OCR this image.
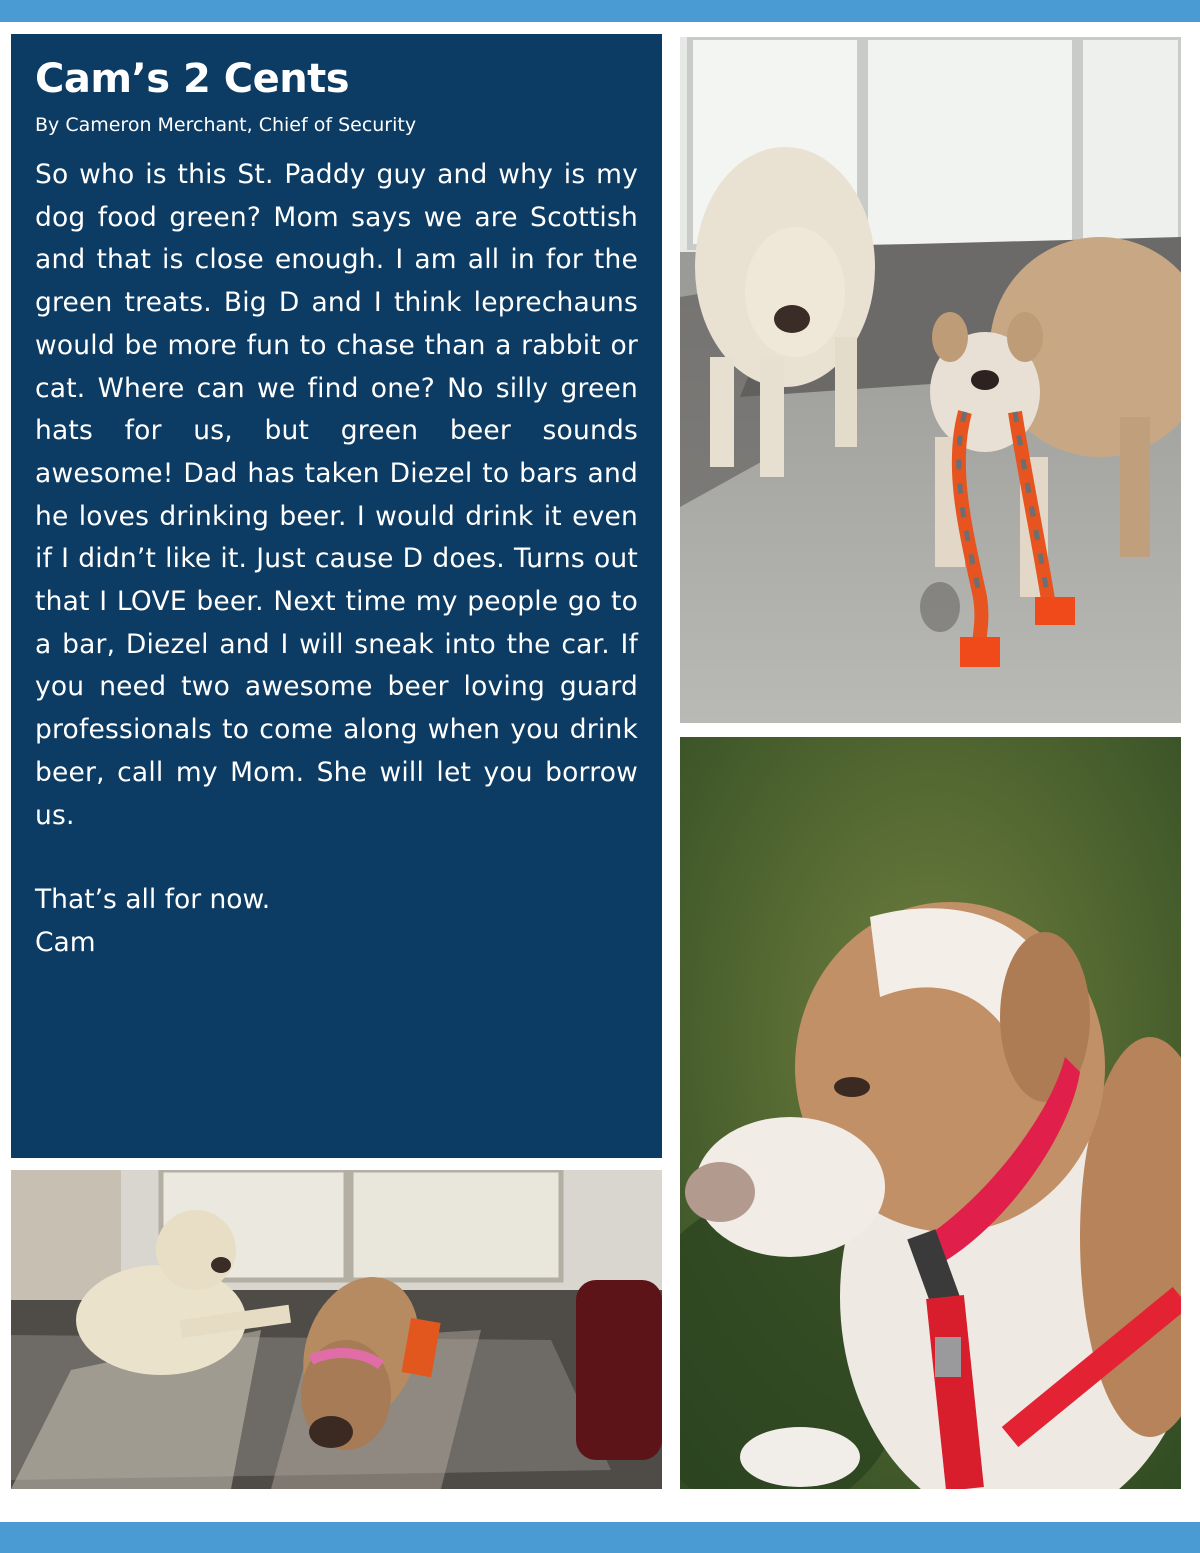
Cam’s 2 Cents

By Cameron Merchant, Chief of Security

So who is this St. Paddy guy and why is my dog food green? Mom says we are Scottish and that is close enough. I am all in for the green treats. Big D and I think leprechauns would be more fun to chase than a rabbit or cat. Where can we find one? No silly green hats for us, but green beer sounds awesome! Dad has taken Diezel to bars and he loves drinking beer. I would drink it even if I didn’t like it. Just cause D does. Turns out that I LOVE beer. Next time my people go to a bar, Diezel and I will sneak into the car. If you need two awesome beer loving guard professionals to come along when you drink beer, call my Mom. She will let you borrow us.

That’s all for now.
Cam
